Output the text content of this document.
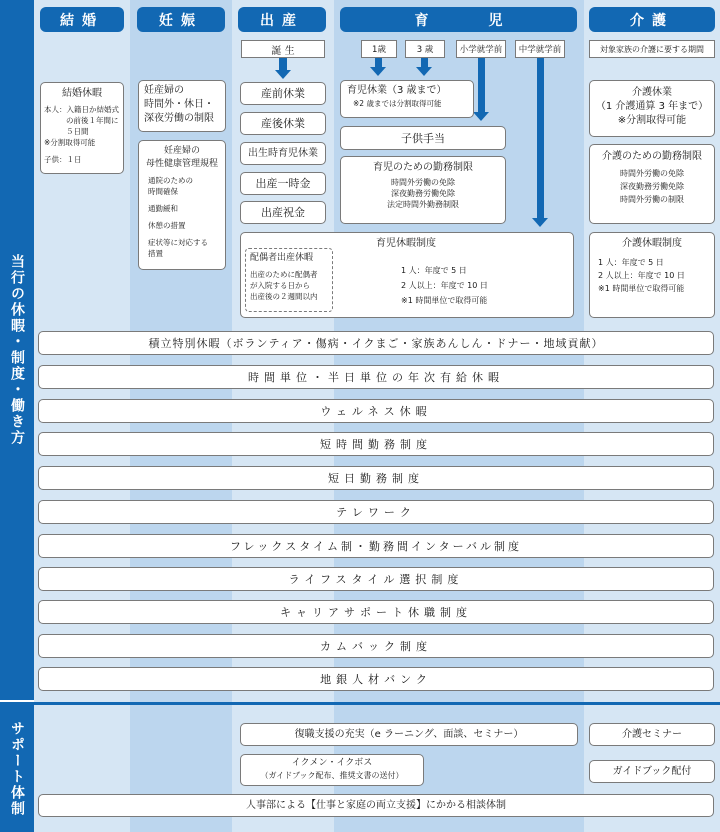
当行の休暇・制度・働き方
サポート体制
結婚	妊娠	出産	育児	介護
誕 生	1歳	3 歳	小学就学前	中学就学前	対象家族の介護に要する期間
結婚休暇
本人：入籍日か結婚式
の前後１年間に
５日間
※分割取得可能
子供：１日
妊産婦の
時間外・休日・
深夜労働の制限
妊産婦の
母性健康管理規程
通院のための
時間確保
通勤緩和
休憩の措置
症状等に対応する
措置
産前休業
産後休業
出生時育児休業
出産一時金
出産祝金
育児休業（3 歳まで）
※2 歳までは分割取得可能
子供手当
育児のための勤務制限
時間外労働の免除
深夜勤務労働免除
法定時間外勤務制限
育児休暇制度
1 人：年度で 5 日
2 人以上：年度で 10 日
※1 時間単位で取得可能
配偶者出産休暇
出産のために配偶者
が入院する日から
出産後の２週間以内
介護休業
（1 介護通算 3 年まで）
※分割取得可能
介護のための勤務制限
時間外労働の免除
深夜勤務労働免除
時間外労働の制限
介護休暇制度
1 人：年度で 5 日
2 人以上：年度で 10 日
※1 時間単位で取得可能
積立特別休暇（ボランティア・傷病・イクまご・家族あんしん・ドナー・地域貢献）
時間単位・半日単位の年次有給休暇
ウェルネス休暇
短時間勤務制度
短日勤務制度
テレワーク
フレックスタイム制・勤務間インターバル制度
ライフスタイル選択制度
キャリアサポート休職制度
カムバック制度
地銀人材バンク
復職支援の充実（e ラーニング、面談、セミナー）
イクメン・イクボス
（ガイドブック配布、推奨文書の送付）
介護セミナー
ガイドブック配付
人事部による【仕事と家庭の両立支援】にかかる相談体制
